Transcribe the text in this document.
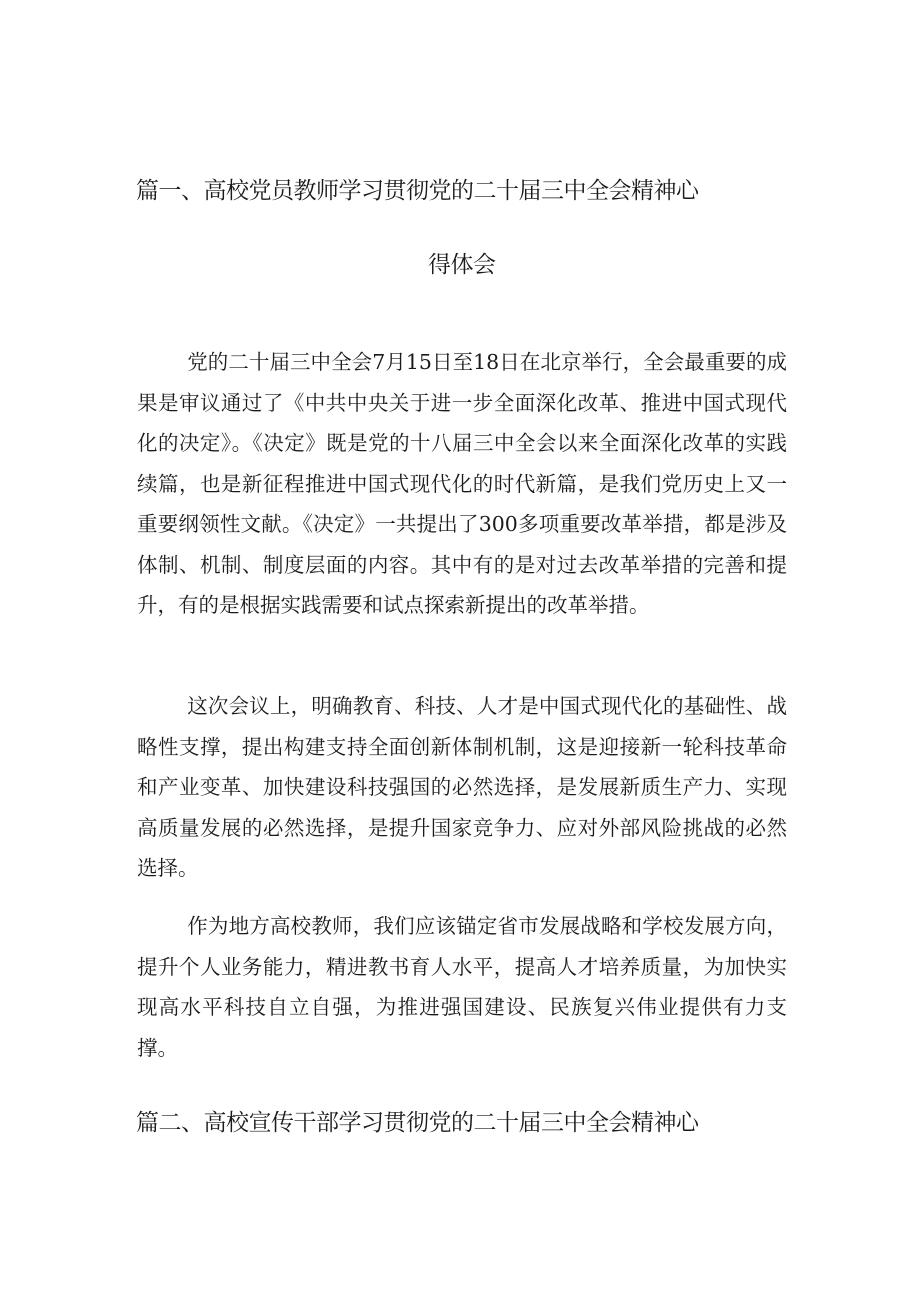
篇一、高校党员教师学习贯彻党的二十届三中全会精神心
得体会

党的二十届三中全会7月15日至18日在北京举行，全会最重要的成果是审议通过了《中共中央关于进一步全面深化改革、推进中国式现代化的决定》。《决定》既是党的十八届三中全会以来全面深化改革的实践续篇，也是新征程推进中国式现代化的时代新篇，是我们党历史上又一重要纲领性文献。《决定》一共提出了300多项重要改革举措，都是涉及体制、机制、制度层面的内容。其中有的是对过去改革举措的完善和提升，有的是根据实践需要和试点探索新提出的改革举措。

这次会议上，明确教育、科技、人才是中国式现代化的基础性、战略性支撑，提出构建支持全面创新体制机制，这是迎接新一轮科技革命和产业变革、加快建设科技强国的必然选择，是发展新质生产力、实现高质量发展的必然选择，是提升国家竞争力、应对外部风险挑战的必然选择。

作为地方高校教师，我们应该锚定省市发展战略和学校发展方向，提升个人业务能力，精进教书育人水平，提高人才培养质量，为加快实现高水平科技自立自强，为推进强国建设、民族复兴伟业提供有力支撑。

篇二、高校宣传干部学习贯彻党的二十届三中全会精神心
